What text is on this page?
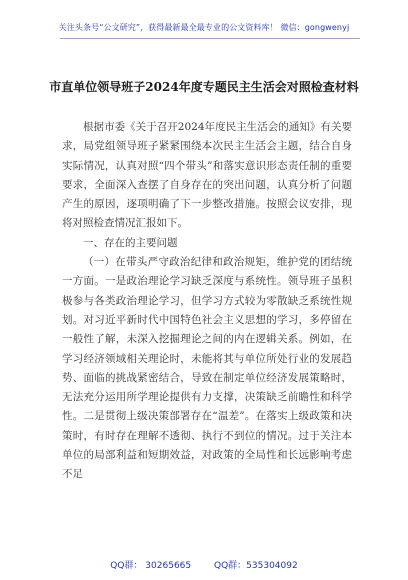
关注头条号“公文研究”，获得最新最全最专业的公文资料库！ 微信：gongwenyj
市直单位领导班子2024年度专题民主生活会对照检查材料

根据市委《关于召开2024年度民主生活会的通知》有关要求，局党组领导班子紧紧围绕本次民主生活会主题，结合自身实际情况，认真对照“四个带头”和落实意识形态责任制的重要要求，全面深入查摆了自身存在的突出问题，认真分析了问题产生的原因，逐项明确了下一步整改措施。按照会议安排，现将对照检查情况汇报如下。

一、存在的主要问题

（一）在带头严守政治纪律和政治规矩，维护党的团结统一方面。一是政治理论学习缺乏深度与系统性。领导班子虽积极参与各类政治理论学习，但学习方式较为零散缺乏系统性规划。对习近平新时代中国特色社会主义思想的学习，多停留在一般性了解，未深入挖掘理论之间的内在逻辑关系。例如，在学习经济领域相关理论时，未能将其与单位所处行业的发展趋势、面临的挑战紧密结合，导致在制定单位经济发展策略时，无法充分运用所学理论提供有力支撑，决策缺乏前瞻性和科学性。二是贯彻上级决策部署存在“温差”。在落实上级政策和决策时，有时存在理解不透彻、执行不到位的情况。过于关注本单位的局部利益和短期效益，对政策的全局性和长远影响考虑不足

QQ群： 30265665	QQ群：535304092
